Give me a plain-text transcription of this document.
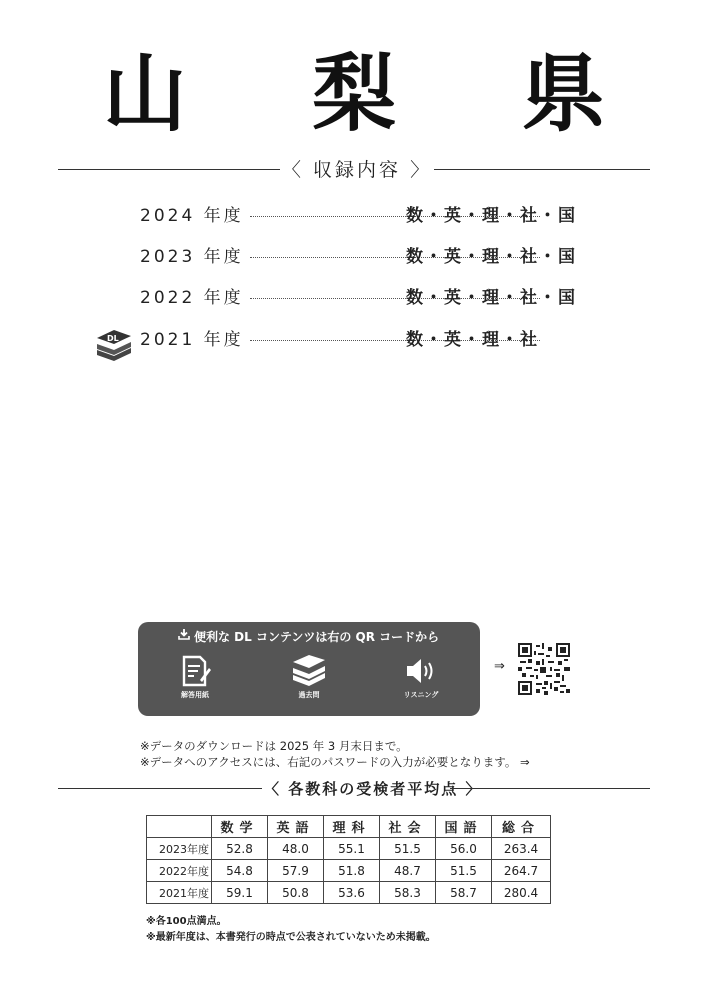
山 梨 県
〈 収録内容 〉
2024 年度	数・英・理・社・国
2023 年度	数・英・理・社・国
2022 年度	数・英・理・社・国
2021 年度	数・英・理・社
DL
便利な DL コンテンツは右の QR コードから
解答用紙	過去問	リスニング
⇒
※データのダウンロードは 2025 年 3 月末日まで。
※データへのアクセスには、右記のパスワードの入力が必要となります。 ⇒
〈 各教科の受検者平均点 〉
	数学	英語	理科	社会	国語	総合
2023年度	52.8	48.0	55.1	51.5	56.0	263.4
2022年度	54.8	57.9	51.8	48.7	51.5	264.7
2021年度	59.1	50.8	53.6	58.3	58.7	280.4
※各100点満点。
※最新年度は、本書発行の時点で公表されていないため未掲載。
